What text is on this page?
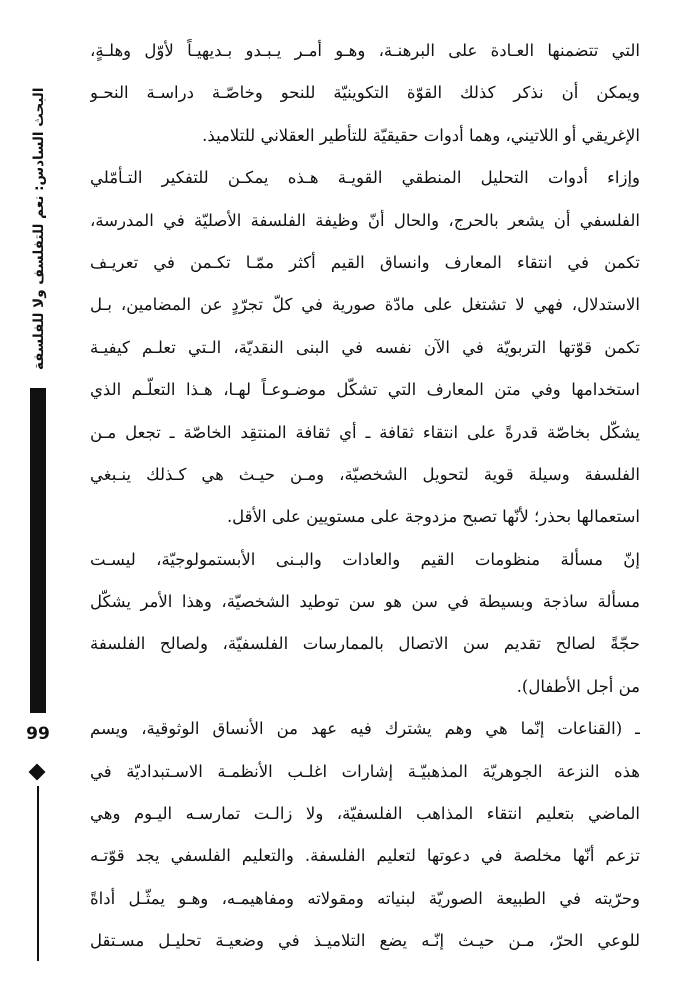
البحث السادس: نعم للتفلسف ولا للفلسفة
99
التي تتضمنها العـادة على البرهنـة، وهـو أمـر يـبـدو بـديهيـاً لأوّل وهلـةٍ،
ويمكن أن نذكر كذلك القوّة التكوينيّة للنحو وخاصّـة دراسـة النحـو
الإغريقي أو اللاتيني، وهما أدوات حقيقيّة للتأطير العقلاني للتلاميذ.
وإزاء أدوات التحليل المنطقي القويـة هـذه يمكـن للتفكير التـأمّلي
الفلسفي أن يشعر بالحرج، والحال أنّ وظيفة الفلسفة الأصليّة في المدرسة،
تكمن في انتقاء المعارف وانساق القيم أكثر ممّـا تكـمن في تعريـف
الاستدلال، فهي لا تشتغل على مادّة صورية في كلّ تجرّدٍ عن المضامين، بـل
تكمن قوّتها التربويّة في الآن نفسه في البنى النقديّة، الـتي تعلـم كيفيـة
استخدامها وفي متن المعارف التي تشكّل موضـوعـاً لهـا، هـذا التعلّـم الذي
يشكّل بخاصّة قدرةً على انتقاء ثقافة ـ أي ثقافة المنتقِد الخاصّة ـ تجعل مـن
الفلسفة وسيلة قوية لتحويل الشخصيّة، ومـن حيـث هي كـذلك ينـبغي
استعمالها بحذر؛ لأنّها تصبح مزدوجة على مستويين على الأقل.
إنّ مسألة منظومات القيم والعادات والبـنى الأبستمولوجيّة، ليسـت
مسألة ساذجة وبسيطة في سن هو سن توطيد الشخصيّة، وهذا الأمر يشكّل
حجّةً لصالح تقديم سن الاتصال بالممارسات الفلسفيّة، ولصالح الفلسفة
من أجل الأطفال).
ـ (القناعات إنّما هي وهم يشترك فيه عهد من الأنساق الوثوقية، ويسم
هذه النزعة الجوهريّة المذهبيّـة إشارات اغلـب الأنظمـة الاسـتبداديّة في
الماضي بتعليم انتقاء المذاهب الفلسفيّة، ولا زالـت تمارسـه اليـوم وهي
تزعم أنّها مخلصة في دعوتها لتعليم الفلسفة. والتعليم الفلسفي يجد قوّتـه
وحرّيته في الطبيعة الصوريّة لبنياته ومقولاته ومفاهيمـه، وهـو يمثّـل أداةً
للوعي الحرّ، مـن حيـث إنّـه يضع التلاميـذ في وضعيـة تحليـل مسـتقل
